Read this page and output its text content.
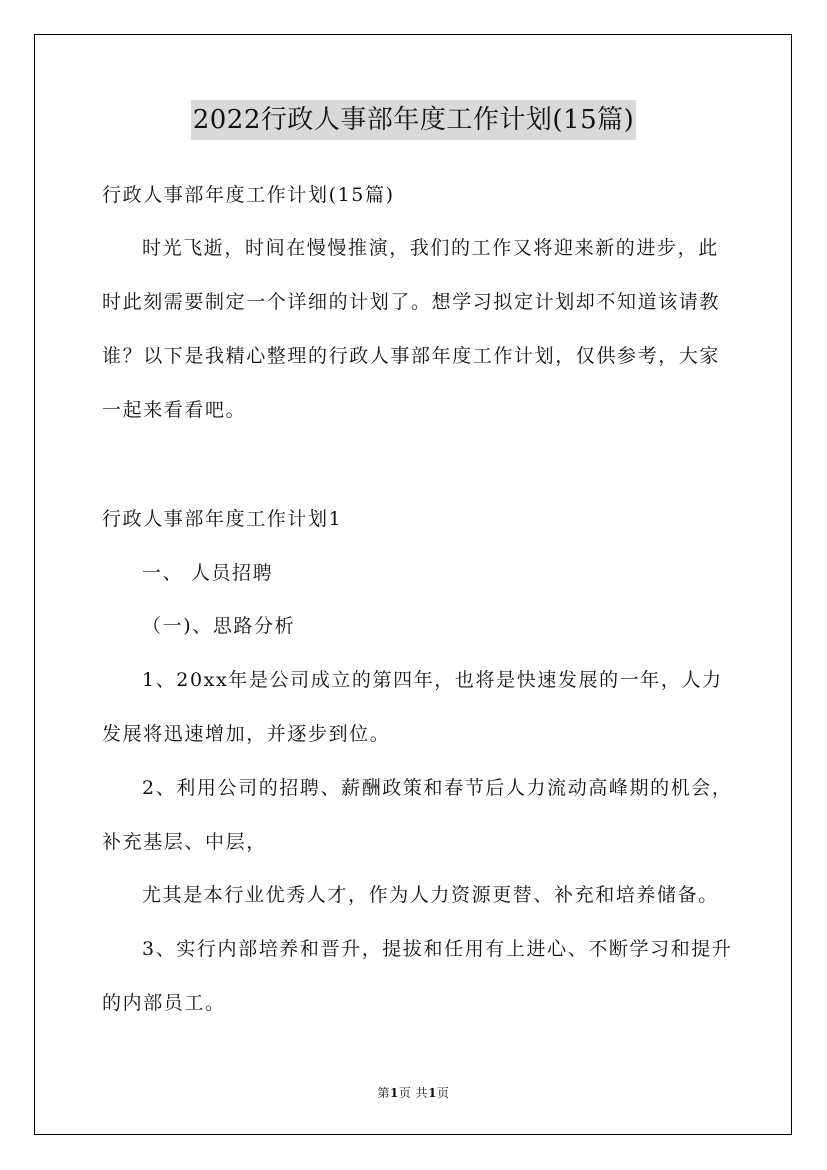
2022行政人事部年度工作计划(15篇)
行政人事部年度工作计划(15篇)
时光飞逝，时间在慢慢推演，我们的工作又将迎来新的进步，此
时此刻需要制定一个详细的计划了。想学习拟定计划却不知道该请教
谁？以下是我精心整理的行政人事部年度工作计划，仅供参考，大家
一起来看看吧。
行政人事部年度工作计划1
一、 人员招聘
（一)、思路分析
1、20xx年是公司成立的第四年，也将是快速发展的一年，人力
发展将迅速增加，并逐步到位。
2、利用公司的招聘、薪酬政策和春节后人力流动高峰期的机会，
补充基层、中层，
尤其是本行业优秀人才，作为人力资源更替、补充和培养储备。
3、实行内部培养和晋升，提拔和任用有上进心、不断学习和提升
的内部员工。
第1页 共1页
